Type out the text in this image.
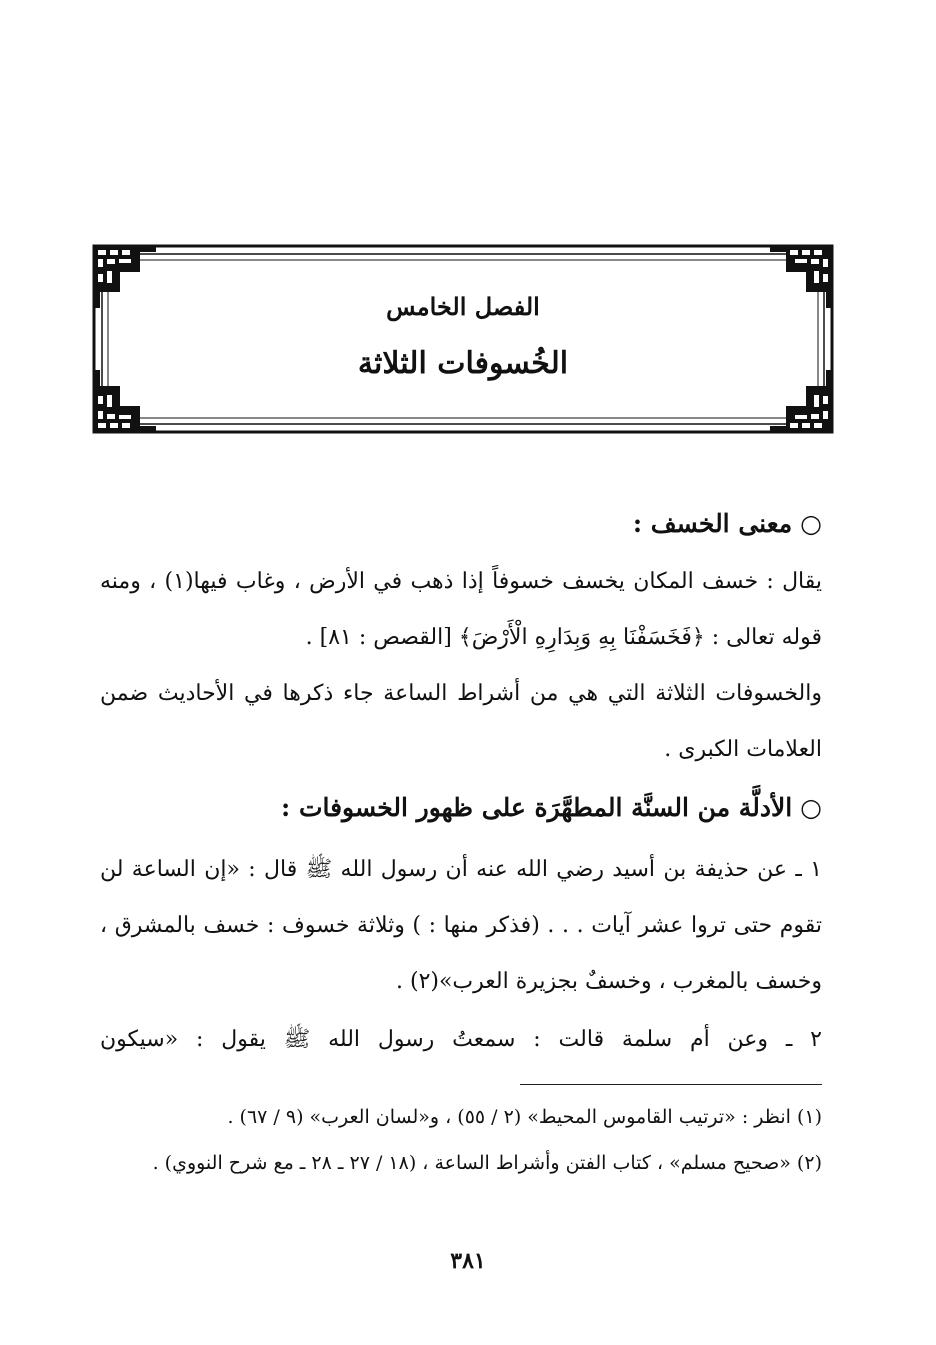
الفصل الخامس
الخُسوفات الثلاثة
○معنى الخسف :
يقال : خسف المكان يخسف خسوفاً إذا ذهب في الأرض ، وغاب فيها(١) ، ومنه قوله تعالى : ﴿فَخَسَفْنَا بِهِ وَبِدَارِهِ الْأَرْضَ﴾ [القصص : ٨١] .
والخسوفات الثلاثة التي هي من أشراط الساعة جاء ذكرها في الأحاديث ضمن العلامات الكبرى .
○الأدلَّة من السنَّة المطهَّرَة على ظهور الخسوفات :
١ ـ عن حذيفة بن أسيد رضي الله عنه أن رسول الله ﷺ قال : «إن الساعة لن تقوم حتى تروا عشر آيات . . . (فذكر منها : ) وثلاثة خسوف : خسف بالمشرق ، وخسف بالمغرب ، وخسفٌ بجزيرة العرب»(٢) .
٢ ـ وعن أم سلمة قالت : سمعتُ رسول الله ﷺ يقول : «سيكون

(١) انظر : «ترتيب القاموس المحيط» (٢ / ٥٥) ، و«لسان العرب» (٩ / ٦٧) .

(٢) «صحيح مسلم» ، كتاب الفتن وأشراط الساعة ، (١٨ / ٢٧ ـ ٢٨ ـ مع شرح النووي) .

٣٨١
